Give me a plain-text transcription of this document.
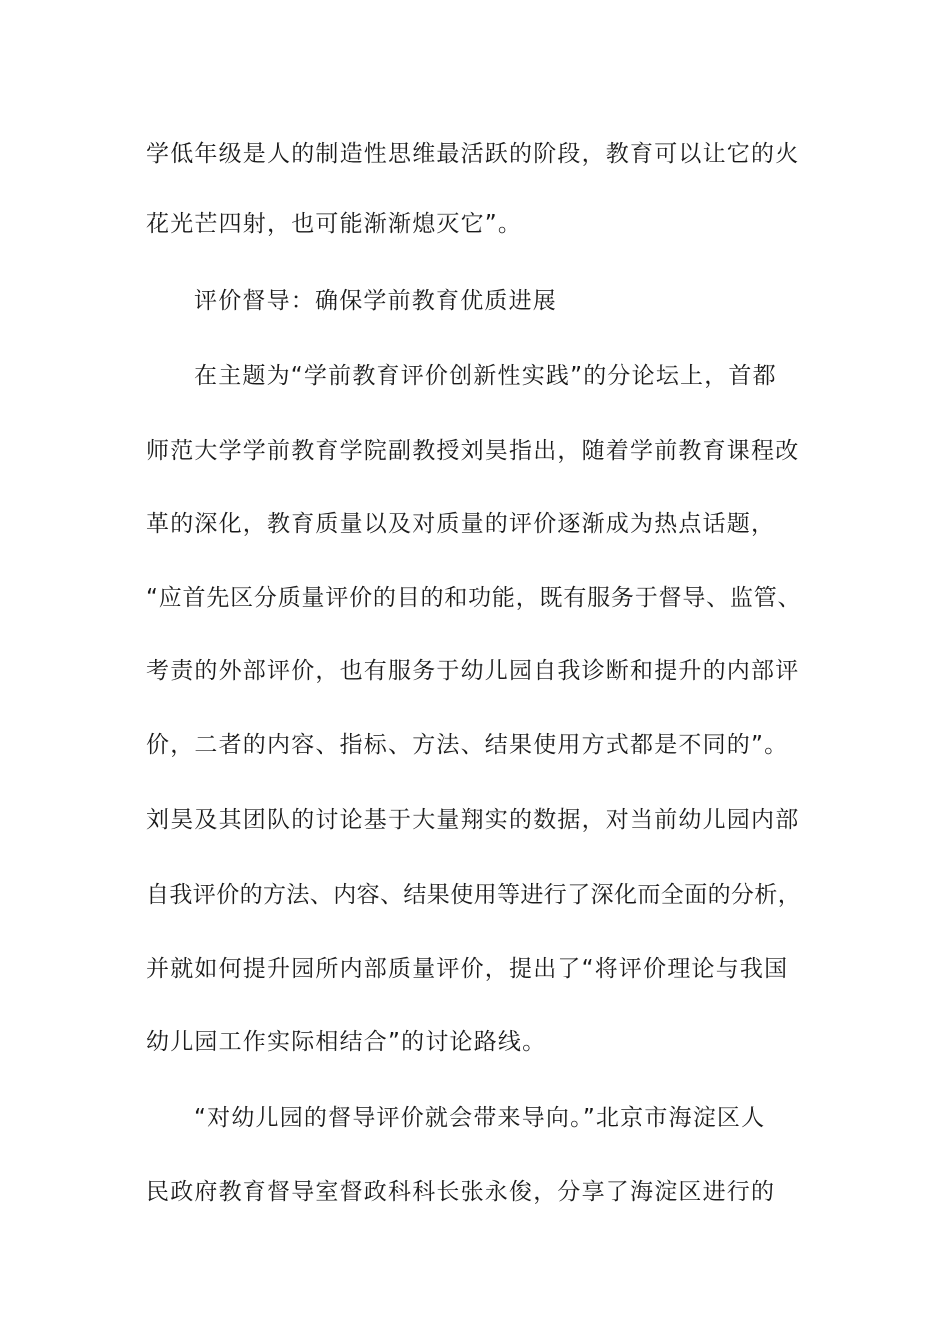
学低年级是人的制造性思维最活跃的阶段，教育可以让它的火

花光芒四射，也可能渐渐熄灭它”。

评价督导：确保学前教育优质进展

在主题为“学前教育评价创新性实践”的分论坛上，首都

师范大学学前教育学院副教授刘昊指出，随着学前教育课程改

革的深化，教育质量以及对质量的评价逐渐成为热点话题，

“应首先区分质量评价的目的和功能，既有服务于督导、监管、

考责的外部评价，也有服务于幼儿园自我诊断和提升的内部评

价，二者的内容、指标、方法、结果使用方式都是不同的”。

刘昊及其团队的讨论基于大量翔实的数据，对当前幼儿园内部

自我评价的方法、内容、结果使用等进行了深化而全面的分析，

并就如何提升园所内部质量评价，提出了“将评价理论与我国

幼儿园工作实际相结合”的讨论路线。

“对幼儿园的督导评价就会带来导向。”北京市海淀区人

民政府教育督导室督政科科长张永俊，分享了海淀区进行的
